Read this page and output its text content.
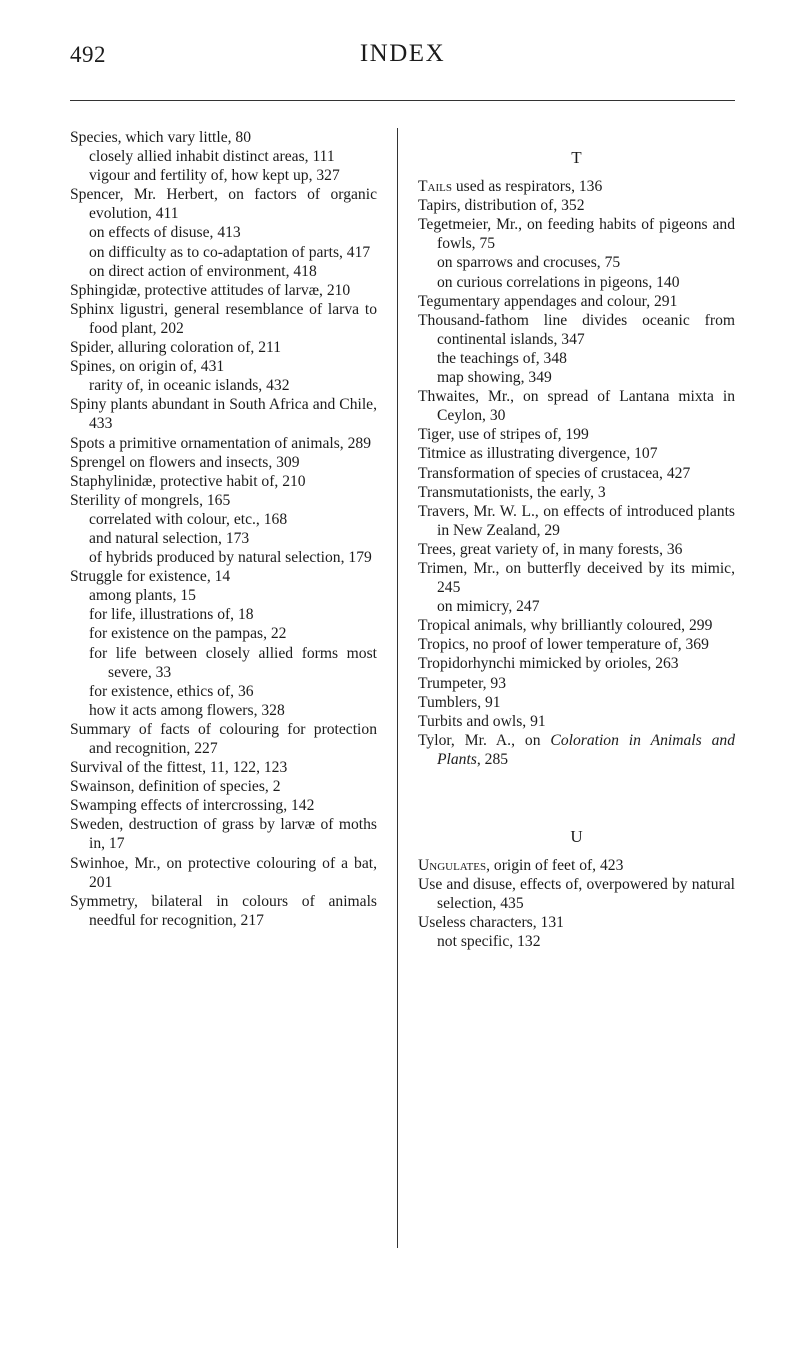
492	INDEX

Species, which vary little, 80

closely allied inhabit distinct areas, 111

vigour and fertility of, how kept up, 327

Spencer, Mr. Herbert, on factors of organic evolution, 411

on effects of disuse, 413

on difficulty as to co-adaptation of parts, 417

on direct action of environment, 418

Sphingidæ, protective attitudes of larvæ, 210

Sphinx ligustri, general resemblance of larva to food plant, 202

Spider, alluring coloration of, 211

Spines, on origin of, 431

rarity of, in oceanic islands, 432

Spiny plants abundant in South Africa and Chile, 433

Spots a primitive ornamentation of animals, 289

Sprengel on flowers and insects, 309

Staphylinidæ, protective habit of, 210

Sterility of mongrels, 165

correlated with colour, etc., 168

and natural selection, 173

of hybrids produced by natural selection, 179

Struggle for existence, 14

among plants, 15

for life, illustrations of, 18

for existence on the pampas, 22

for life between closely allied forms most severe, 33

for existence, ethics of, 36

how it acts among flowers, 328

Summary of facts of colouring for protection and recognition, 227

Survival of the fittest, 11, 122, 123

Swainson, definition of species, 2

Swamping effects of intercrossing, 142

Sweden, destruction of grass by larvæ of moths in, 17

Swinhoe, Mr., on protective colouring of a bat, 201

Symmetry, bilateral in colours of animals needful for recognition, 217

T

Tails used as respirators, 136

Tapirs, distribution of, 352

Tegetmeier, Mr., on feeding habits of pigeons and fowls, 75

on sparrows and crocuses, 75

on curious correlations in pigeons, 140

Tegumentary appendages and colour, 291

Thousand-fathom line divides oceanic from continental islands, 347

the teachings of, 348

map showing, 349

Thwaites, Mr., on spread of Lantana mixta in Ceylon, 30

Tiger, use of stripes of, 199

Titmice as illustrating divergence, 107

Transformation of species of crustacea, 427

Transmutationists, the early, 3

Travers, Mr. W. L., on effects of introduced plants in New Zealand, 29

Trees, great variety of, in many forests, 36

Trimen, Mr., on butterfly deceived by its mimic, 245

on mimicry, 247

Tropical animals, why brilliantly coloured, 299

Tropics, no proof of lower temperature of, 369

Tropidorhynchi mimicked by orioles, 263

Trumpeter, 93

Tumblers, 91

Turbits and owls, 91

Tylor, Mr. A., on Coloration in Animals and Plants, 285

U

Ungulates, origin of feet of, 423

Use and disuse, effects of, overpowered by natural selection, 435

Useless characters, 131

not specific, 132
